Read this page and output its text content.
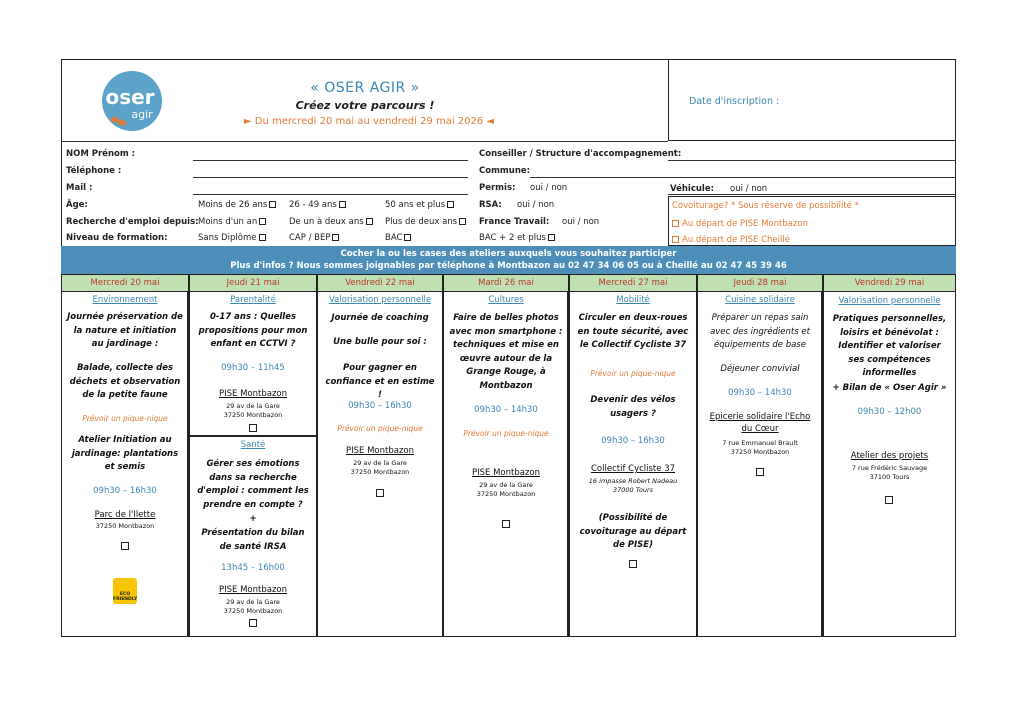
Date d'inscription :
oser
agir
« OSER AGIR »
Créez votre parcours !
► Du mercredi 20 mai au vendredi 29 mai 2026 ◄
NOM Prénom :
Téléphone :
Mail :
Âge:	Moins de 26 ans	26 - 49 ans	50 ans et plus
Recherche d'emploi depuis: Moins d'un an	De un à deux ans	Plus de deux ans
Niveau de formation:	Sans Diplôme	CAP / BEP	BAC	BAC + 2 et plus
Conseiller / Structure d'accompagnement:
Commune:
Permis: oui / non
RSA: oui / non
France Travail: oui / non
Véhicule: oui / non
Covoiturage? * Sous réserve de possibilité *
Au départ de PISE Montbazon
Au départ de PISE Cheillé
Cocher la ou les cases des ateliers auxquels vous souhaitez participer
Plus d'infos ? Nous sommes joignables par téléphone à Montbazon au 02 47 34 06 05 ou à Cheillé au 02 47 45 39 46
Mercredi 20 mai
Environnement
Journée préservation de la nature et initiation au jardinage :
Balade, collecte des déchets et observation de la petite faune
Prévoir un pique-nique
Atelier Initiation au jardinage: plantations et semis
09h30 – 16h30
Parc de l'Ilette
37250 Montbazon
ECO FRIENDLY
Jeudi 21 mai
Parentalité
0-17 ans : Quelles propositions pour mon enfant en CCTVI ?
09h30 – 11h45
PISE Montbazon
29 av de la Gare
37250 Montbazon
Santé
Gérer ses émotions dans sa recherche d'emploi : comment les prendre en compte ?
+
Présentation du bilan de santé IRSA
13h45 – 16h00
PISE Montbazon
29 av de la Gare
37250 Montbazon
Vendredi 22 mai
Valorisation personnelle
Journée de coaching
Une bulle pour soi :
Pour gagner en confiance et en estime !
09h30 – 16h30
Prévoir un pique-nique
PISE Montbazon
29 av de la Gare
37250 Montbazon
Mardi 26 mai
Cultures
Faire de belles photos avec mon smartphone : techniques et mise en œuvre autour de la Grange Rouge, à Montbazon
09h30 – 14h30
Prévoir un pique-nique
PISE Montbazon
29 av de la Gare
37250 Montbazon
Mercredi 27 mai
Mobilité
Circuler en deux-roues en toute sécurité, avec le Collectif Cycliste 37
Prévoir un pique-nique
Devenir des vélos usagers ?
09h30 – 16h30
Collectif Cycliste 37
16 impasse Robert Nadeau
37000 Tours
(Possibilité de covoiturage au départ de PISE)
Jeudi 28 mai
Cuisine solidaire
Préparer un repas sain avec des ingrédients et équipements de base
Déjeuner convivial
09h30 – 14h30
Epicerie solidaire l'Echo du Cœur
7 rue Emmanuel Brault
37250 Montbazon
Vendredi 29 mai
Valorisation personnelle
Pratiques personnelles, loisirs et bénévolat : Identifier et valoriser ses compétences informelles
+ Bilan de « Oser Agir »
09h30 – 12h00
Atelier des projets
7 rue Frédéric Sauvage
37100 Tours
